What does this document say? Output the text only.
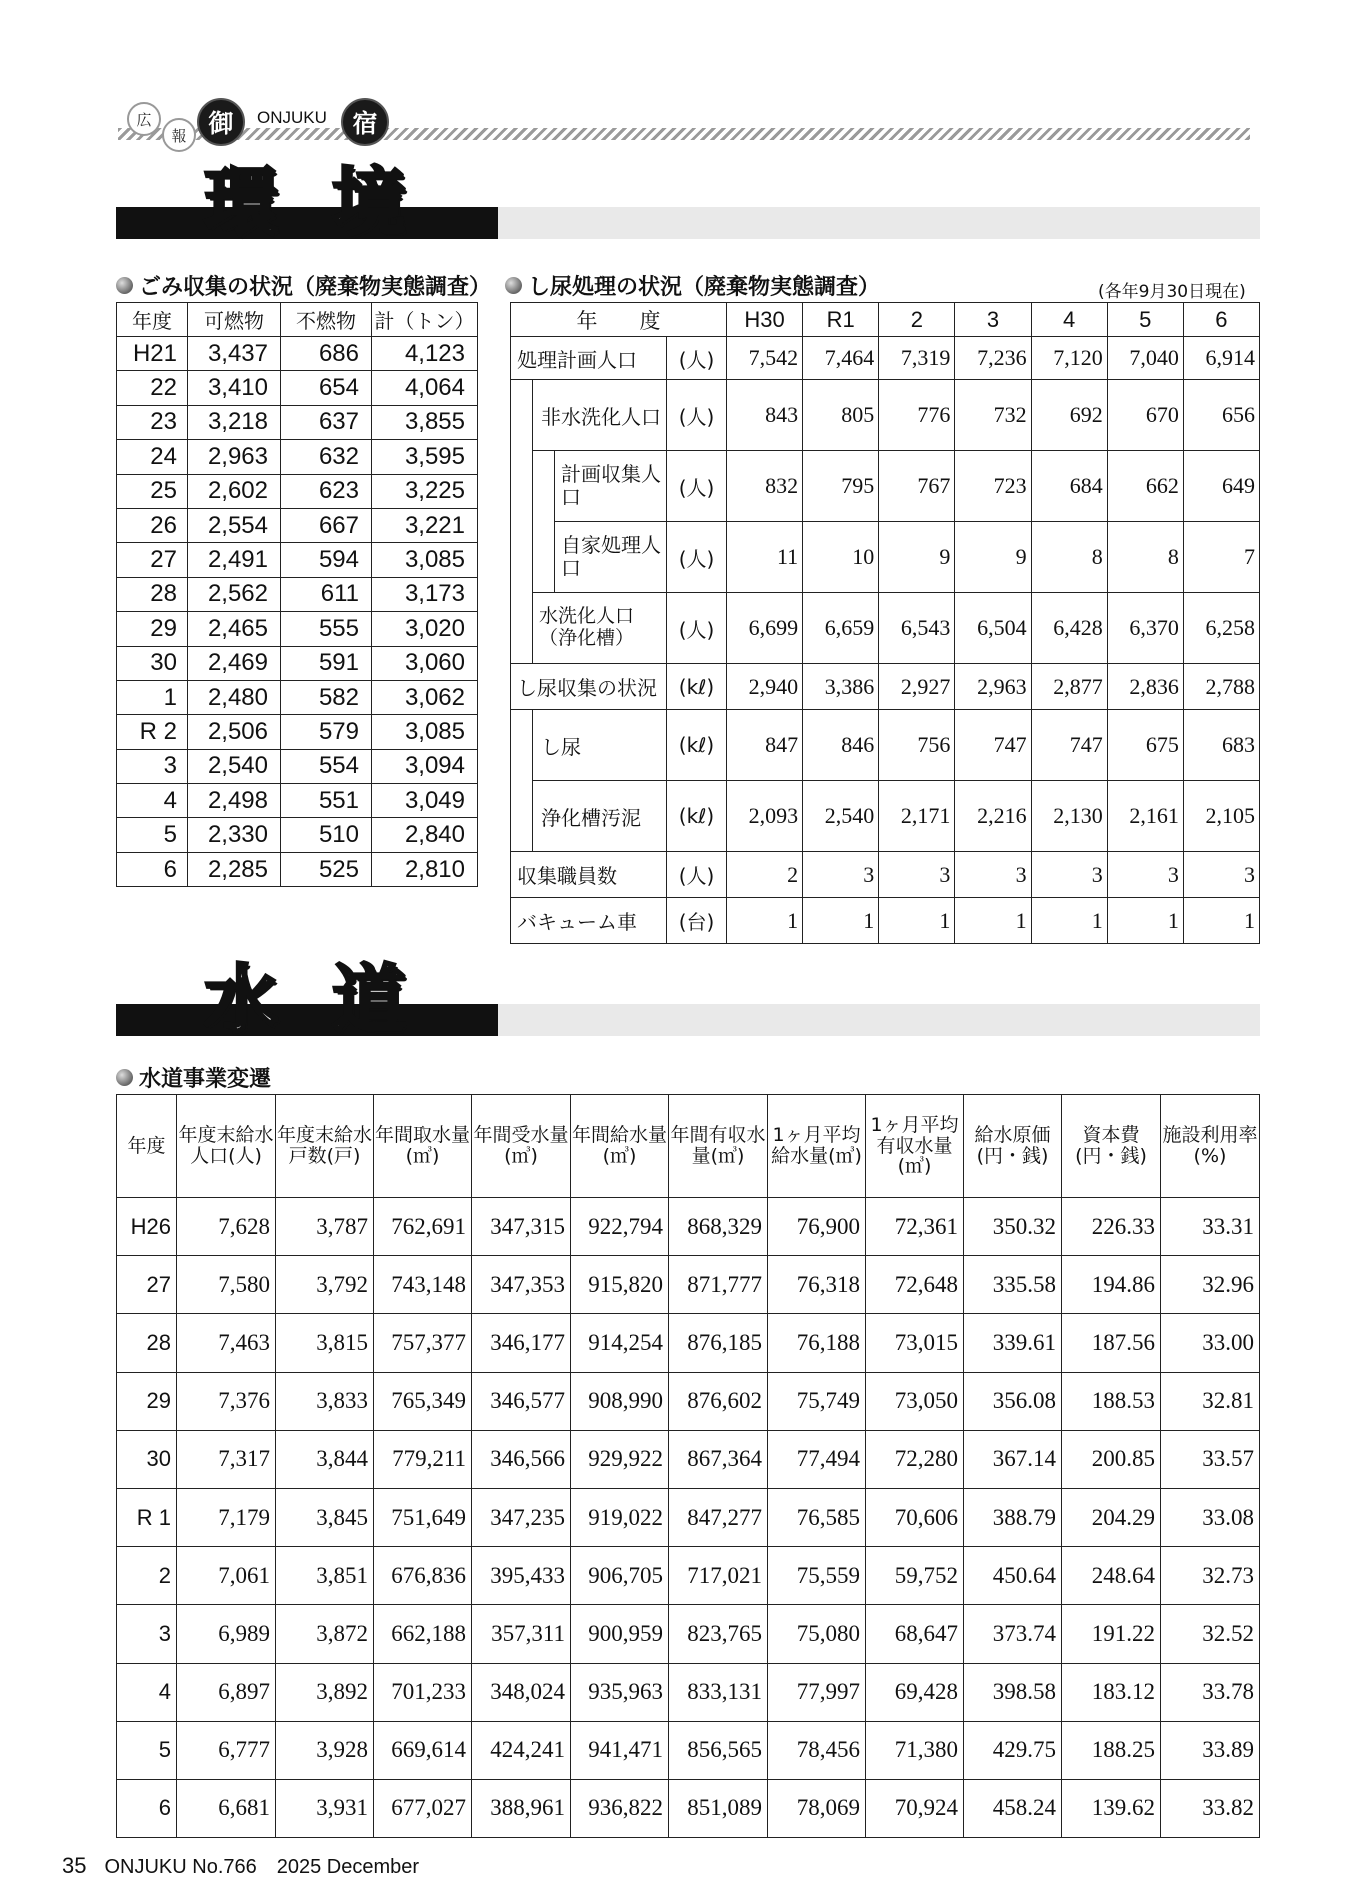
広
報 御 ONJUKU 宿
環境
ごみ収集の状況（廃棄物実態調査） し尿処理の状況（廃棄物実態調査）	(各年9月30日現在)
年度	可燃物	不燃物	計（トン）
H21	3,437	686	4,123
22	3,410	654	4,064
23	3,218	637	3,855
24	2,963	632	3,595
25	2,602	623	3,225
26	2,554	667	3,221
27	2,491	594	3,085
28	2,562	611	3,173
29	2,465	555	3,020
30	2,469	591	3,060
1	2,480	582	3,062
R 2	2,506	579	3,085
3	2,540	554	3,094
4	2,498	551	3,049
5	2,330	510	2,840
6	2,285	525	2,810
年　　度				H30	R1	2	3	4	5	6
処理計画人口			(人)	7,542	7,464	7,319	7,236	7,120	7,040	6,914
	非水洗化人口		(人)	843	805	776	732	692	670	656
		計画収集人口	(人)	832	795	767	723	684	662	649
		自家処理人口	(人)	11	10	9	9	8	8	7
	水洗化人口（浄化槽）		(人)	6,699	6,659	6,543	6,504	6,428	6,370	6,258
し尿収集の状況			(kℓ)	2,940	3,386	2,927	2,963	2,877	2,836	2,788
	し尿		(kℓ)	847	846	756	747	747	675	683
	浄化槽汚泥		(kℓ)	2,093	2,540	2,171	2,216	2,130	2,161	2,105
収集職員数			(人)	2	3	3	3	3	3	3
バキューム車			(台)	1	1	1	1	1	1	1
水道
水道事業変遷
年度	年度末給水人口(人)	年度末給水戸数(戸)	年間取水量(㎥)	年間受水量(㎥)	年間給水量(㎥)	年間有収水量(㎥)	1ヶ月平均給水量(㎥)	1ヶ月平均有収水量(㎥)	給水原価(円・銭)	資本費(円・銭)	施設利用率(%)
H26	7,628	3,787	762,691	347,315	922,794	868,329	76,900	72,361	350.32	226.33	33.31
27	7,580	3,792	743,148	347,353	915,820	871,777	76,318	72,648	335.58	194.86	32.96
28	7,463	3,815	757,377	346,177	914,254	876,185	76,188	73,015	339.61	187.56	33.00
29	7,376	3,833	765,349	346,577	908,990	876,602	75,749	73,050	356.08	188.53	32.81
30	7,317	3,844	779,211	346,566	929,922	867,364	77,494	72,280	367.14	200.85	33.57
R 1	7,179	3,845	751,649	347,235	919,022	847,277	76,585	70,606	388.79	204.29	33.08
2	7,061	3,851	676,836	395,433	906,705	717,021	75,559	59,752	450.64	248.64	32.73
3	6,989	3,872	662,188	357,311	900,959	823,765	75,080	68,647	373.74	191.22	32.52
4	6,897	3,892	701,233	348,024	935,963	833,131	77,997	69,428	398.58	183.12	33.78
5	6,777	3,928	669,614	424,241	941,471	856,565	78,456	71,380	429.75	188.25	33.89
6	6,681	3,931	677,027	388,961	936,822	851,089	78,069	70,924	458.24	139.62	33.82
35 ONJUKU No.766　2025 December
